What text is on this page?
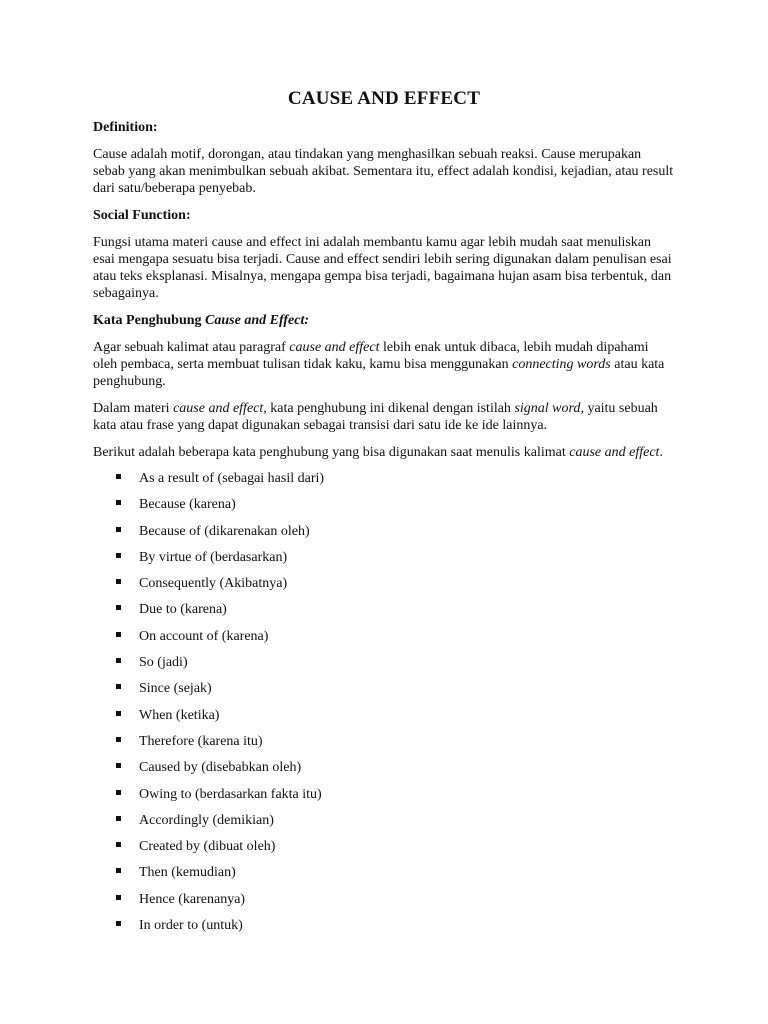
CAUSE AND EFFECT
Definition:
Cause adalah motif, dorongan, atau tindakan yang menghasilkan sebuah reaksi. Cause merupakan sebab yang akan menimbulkan sebuah akibat. Sementara itu, effect adalah kondisi, kejadian, atau result dari satu/beberapa penyebab.
Social Function:
Fungsi utama materi cause and effect ini adalah membantu kamu agar lebih mudah saat menuliskan esai mengapa sesuatu bisa terjadi. Cause and effect sendiri lebih sering digunakan dalam penulisan esai atau teks eksplanasi. Misalnya, mengapa gempa bisa terjadi, bagaimana hujan asam bisa terbentuk, dan sebagainya.
Kata Penghubung Cause and Effect:
Agar sebuah kalimat atau paragraf cause and effect lebih enak untuk dibaca, lebih mudah dipahami oleh pembaca, serta membuat tulisan tidak kaku, kamu bisa menggunakan connecting words atau kata penghubung.
Dalam materi cause and effect, kata penghubung ini dikenal dengan istilah signal word, yaitu sebuah kata atau frase yang dapat digunakan sebagai transisi dari satu ide ke ide lainnya.
Berikut adalah beberapa kata penghubung yang bisa digunakan saat menulis kalimat cause and effect.
As a result of (sebagai hasil dari)
Because (karena)
Because of (dikarenakan oleh)
By virtue of (berdasarkan)
Consequently (Akibatnya)
Due to (karena)
On account of (karena)
So (jadi)
Since (sejak)
When (ketika)
Therefore (karena itu)
Caused by (disebabkan oleh)
Owing to (berdasarkan fakta itu)
Accordingly (demikian)
Created by (dibuat oleh)
Then (kemudian)
Hence (karenanya)
In order to (untuk)
